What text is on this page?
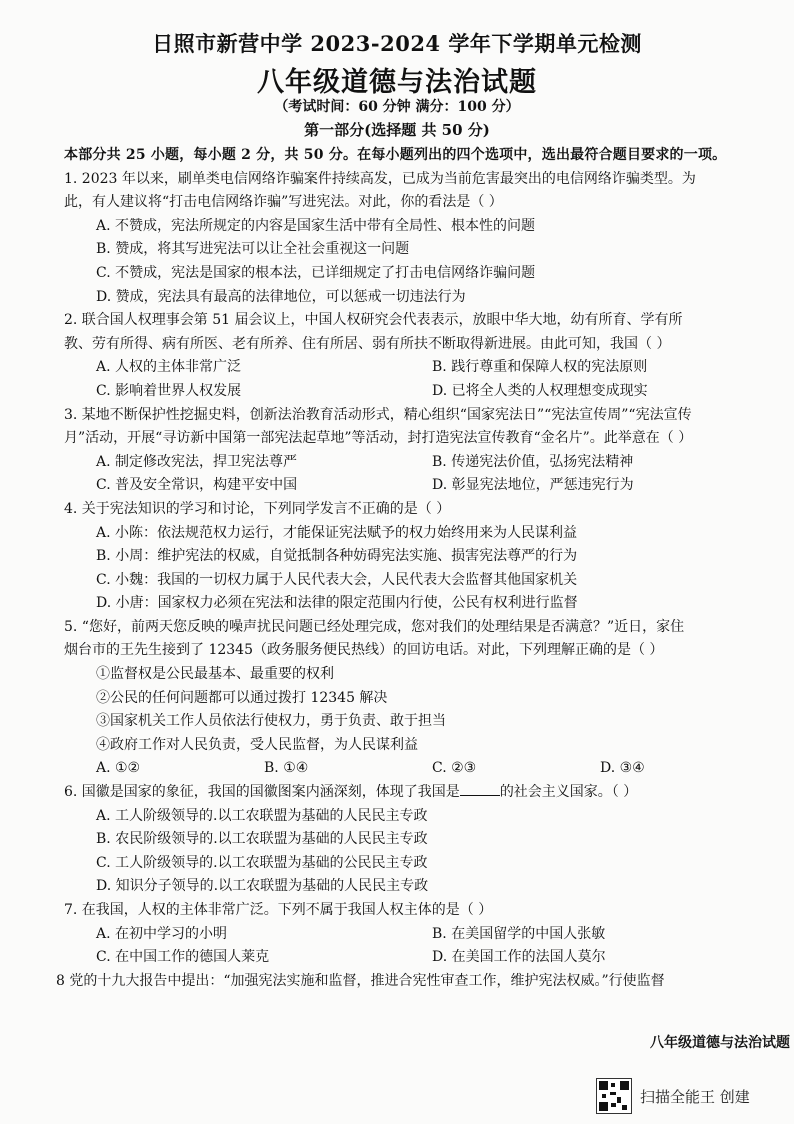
日照市新营中学 2023-2024 学年下学期单元检测
八年级道德与法治试题
（考试时间：60 分钟 满分：100 分）
第一部分(选择题 共 50 分)
本部分共 25 小题，每小题 2 分，共 50 分。在每小题列出的四个选项中，选出最符合题目要求的一项。
1. 2023 年以来，刷单类电信网络诈骗案件持续高发，已成为当前危害最突出的电信网络诈骗类型。为
此，有人建议将“打击电信网络诈骗”写进宪法。对此，你的看法是（ ）
A. 不赞成，宪法所规定的内容是国家生活中带有全局性、根本性的问题
B. 赞成，将其写进宪法可以让全社会重视这一问题
C. 不赞成，宪法是国家的根本法，已详细规定了打击电信网络诈骗问题
D. 赞成，宪法具有最高的法律地位，可以惩戒一切违法行为
2. 联合国人权理事会第 51 届会议上，中国人权研究会代表表示，放眼中华大地，幼有所育、学有所
教、劳有所得、病有所医、老有所养、住有所居、弱有所扶不断取得新进展。由此可知，我国（ ）
A. 人权的主体非常广泛	B. 践行尊重和保障人权的宪法原则
C. 影响着世界人权发展	D. 已将全人类的人权理想变成现实
3. 某地不断保护性挖掘史料，创新法治教育活动形式，精心组织“国家宪法日”“宪法宣传周”“宪法宣传
月”活动，开展“寻访新中国第一部宪法起草地”等活动，封打造宪法宣传教育“金名片”。此举意在（ ）
A. 制定修改宪法，捍卫宪法尊严	B. 传递宪法价值，弘扬宪法精神
C. 普及安全常识，构建平安中国	D. 彰显宪法地位，严惩违宪行为
4. 关于宪法知识的学习和讨论，下列同学发言不正确的是（ ）
A. 小陈：依法规范权力运行，才能保证宪法赋予的权力始终用来为人民谋利益
B. 小周：维护宪法的权威，自觉抵制各种妨碍宪法实施、损害宪法尊严的行为
C. 小魏：我国的一切权力属于人民代表大会，人民代表大会监督其他国家机关
D. 小唐：国家权力必须在宪法和法律的限定范围内行使，公民有权利进行监督
5. “您好，前两天您反映的噪声扰民问题已经处理完成，您对我们的处理结果是否满意？”近日，家住
烟台市的王先生接到了 12345（政务服务便民热线）的回访电话。对此，下列理解正确的是（ ）
①监督权是公民最基本、最重要的权利
②公民的任何问题都可以通过拨打 12345 解决
③国家机关工作人员依法行使权力，勇于负责、敢于担当
④政府工作对人民负责，受人民监督，为人民谋利益
A. ①②	B. ①④	C. ②③	D. ③④
6. 国徽是国家的象征，我国的国徽图案内涵深刻，体现了我国是	的社会主义国家。（ ）
A. 工人阶级领导的.以工农联盟为基础的人民民主专政
B. 农民阶级领导的.以工农联盟为基础的人民民主专政
C. 工人阶级领导的.以工农联盟为基础的公民民主专政
D. 知识分子领导的.以工农联盟为基础的人民民主专政
7. 在我国，人权的主体非常广泛。下列不属于我国人权主体的是（ ）
A. 在初中学习的小明	B. 在美国留学的中国人张敏
C. 在中国工作的德国人莱克	D. 在美国工作的法国人莫尔
8 党的十九大报告中提出：“加强宪法实施和监督，推进合宪性审查工作，维护宪法权威。”行使监督
八年级道德与法治试题
扫描全能王 创建
